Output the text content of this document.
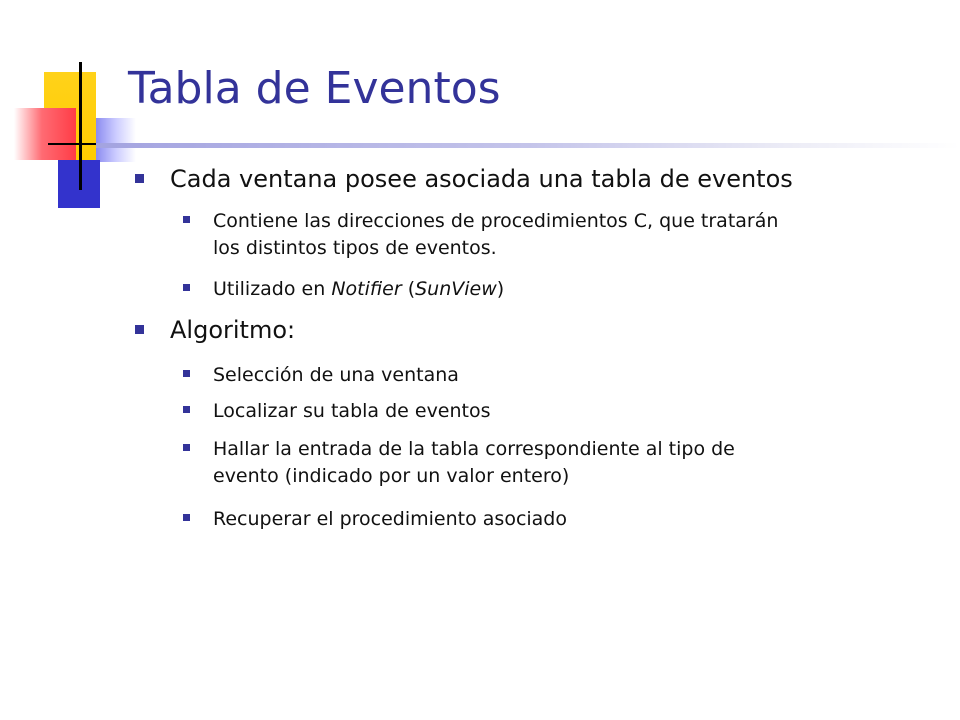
Tabla de Eventos
Cada ventana posee asociada una tabla de eventos
Contiene las direcciones de procedimientos C, que tratarán
los distintos tipos de eventos.
Utilizado en Notifier (SunView)
Algoritmo:
Selección de una ventana
Localizar su tabla de eventos
Hallar la entrada de la tabla correspondiente al tipo de
evento (indicado por un valor entero)
Recuperar el procedimiento asociado
